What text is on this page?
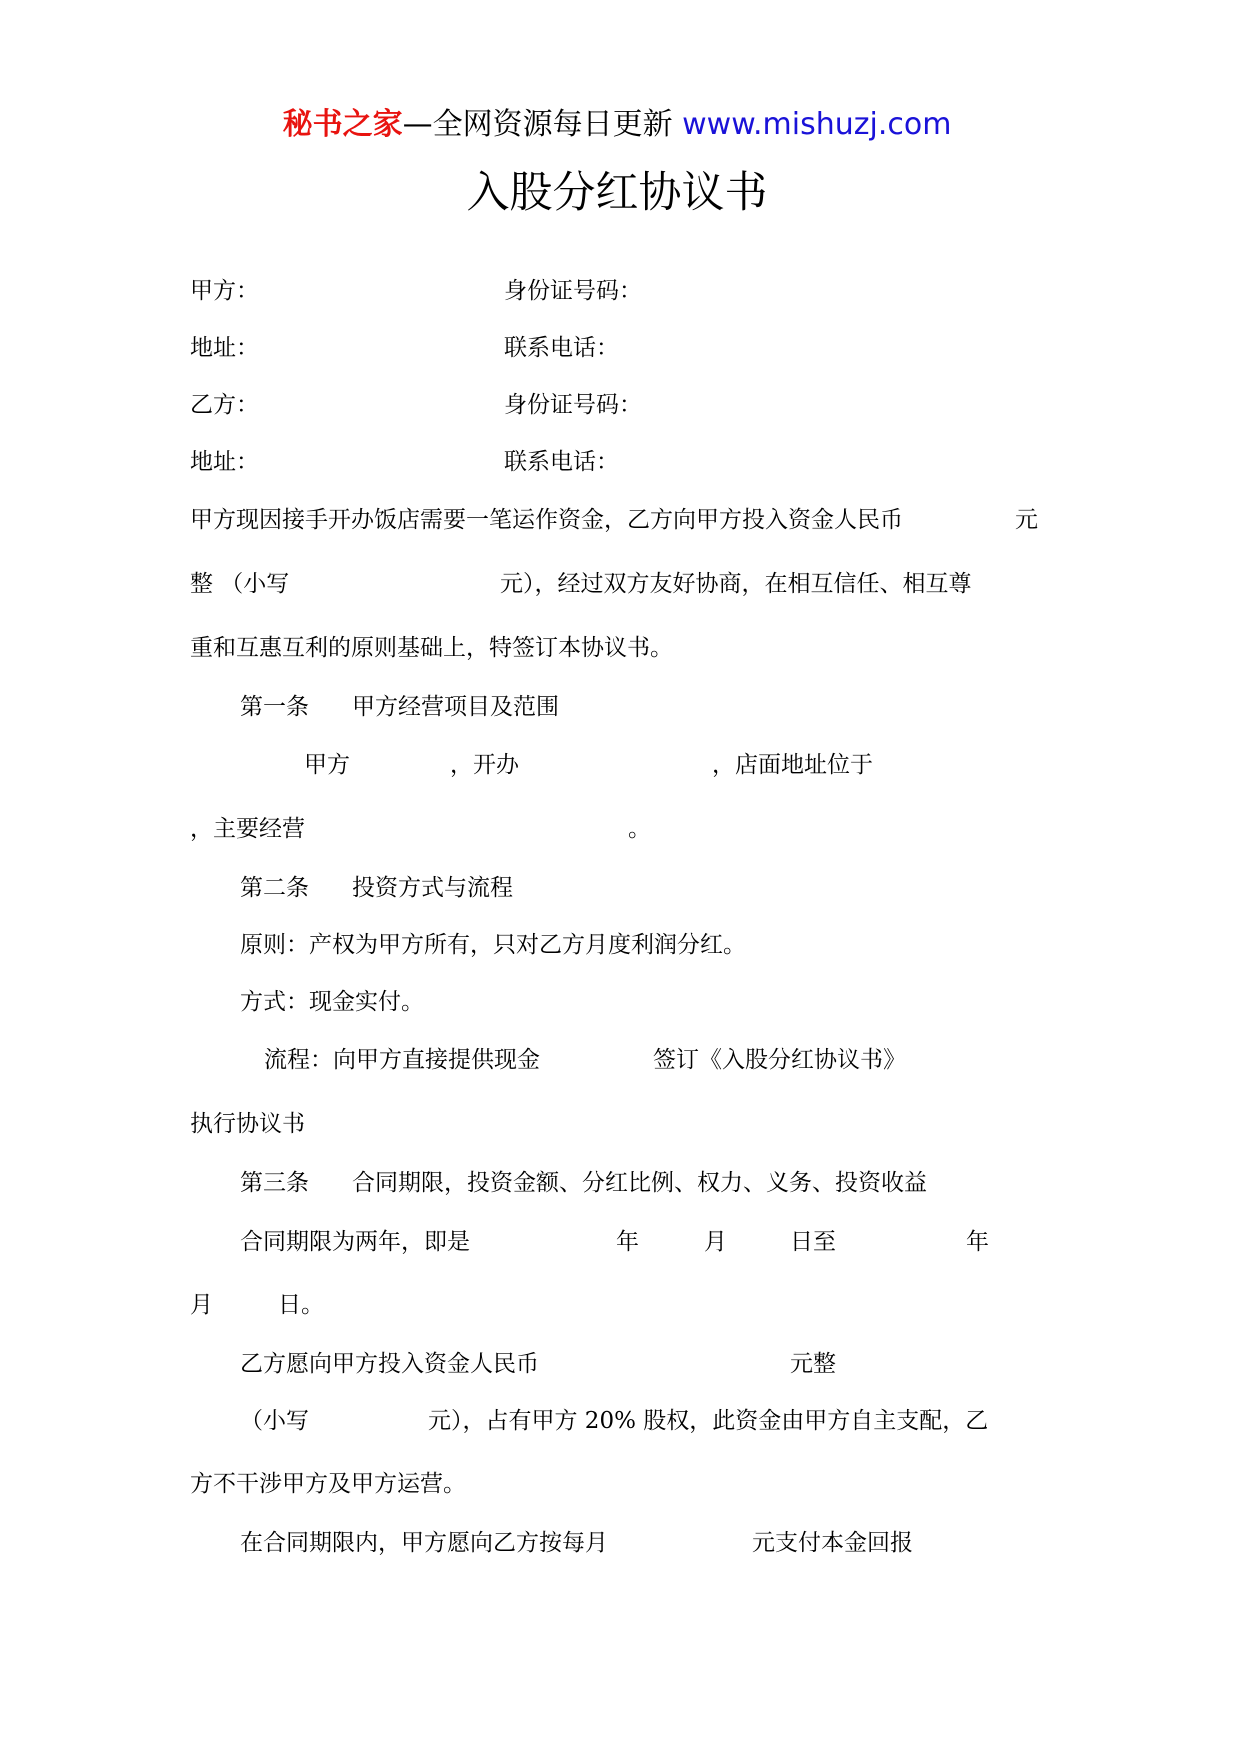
秘书之家—全网资源每日更新 www.mishuzj.com
入股分红协议书
甲方：	身份证号码：
地址：	联系电话：
乙方：	身份证号码：
地址：	联系电话：
甲方现因接手开办饭店需要一笔运作资金，乙方向甲方投入资金人民币	元
整 （小写	元），经过双方友好协商，在相互信任、相互尊
重和互惠互利的原则基础上，特签订本协议书。
第一条 甲方经营项目及范围
甲方	，开办	，店面地址位于
，主要经营	。
第二条 投资方式与流程
原则：产权为甲方所有，只对乙方月度利润分红。
方式：现金实付。
流程：向甲方直接提供现金	签订《入股分红协议书》
执行协议书
第三条 合同期限，投资金额、分红比例、权力、义务、投资收益
合同期限为两年，即是	年	月	日至	年
月	日。
乙方愿向甲方投入资金人民币	元整
（小写	元），占有甲方 20% 股权，此资金由甲方自主支配，乙
方不干涉甲方及甲方运营。
在合同期限内，甲方愿向乙方按每月	元支付本金回报
